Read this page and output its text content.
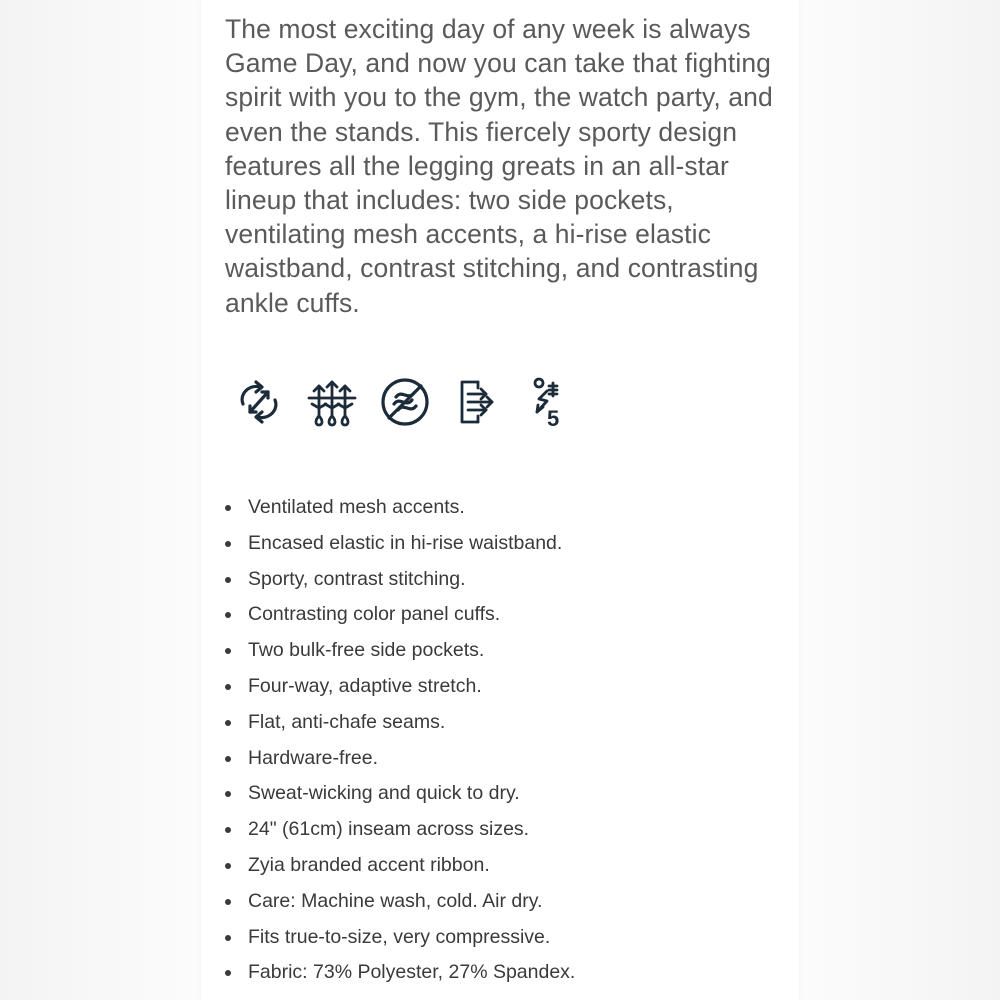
The most exciting day of any week is always Game Day, and now you can take that fighting spirit with you to the gym, the watch party, and even the stands. This fiercely sporty design features all the legging greats in an all-star lineup that includes: two side pockets, ventilating mesh accents, a hi-rise elastic waistband, contrast stitching, and contrasting ankle cuffs.

5
Ventilated mesh accents.
Encased elastic in hi-rise waistband.
Sporty, contrast stitching.
Contrasting color panel cuffs.
Two bulk-free side pockets.
Four-way, adaptive stretch.
Flat, anti-chafe seams.
Hardware-free.
Sweat-wicking and quick to dry.
24" (61cm) inseam across sizes.
Zyia branded accent ribbon.
Care: Machine wash, cold. Air dry.
Fits true-to-size, very compressive.
Fabric: 73% Polyester, 27% Spandex.
